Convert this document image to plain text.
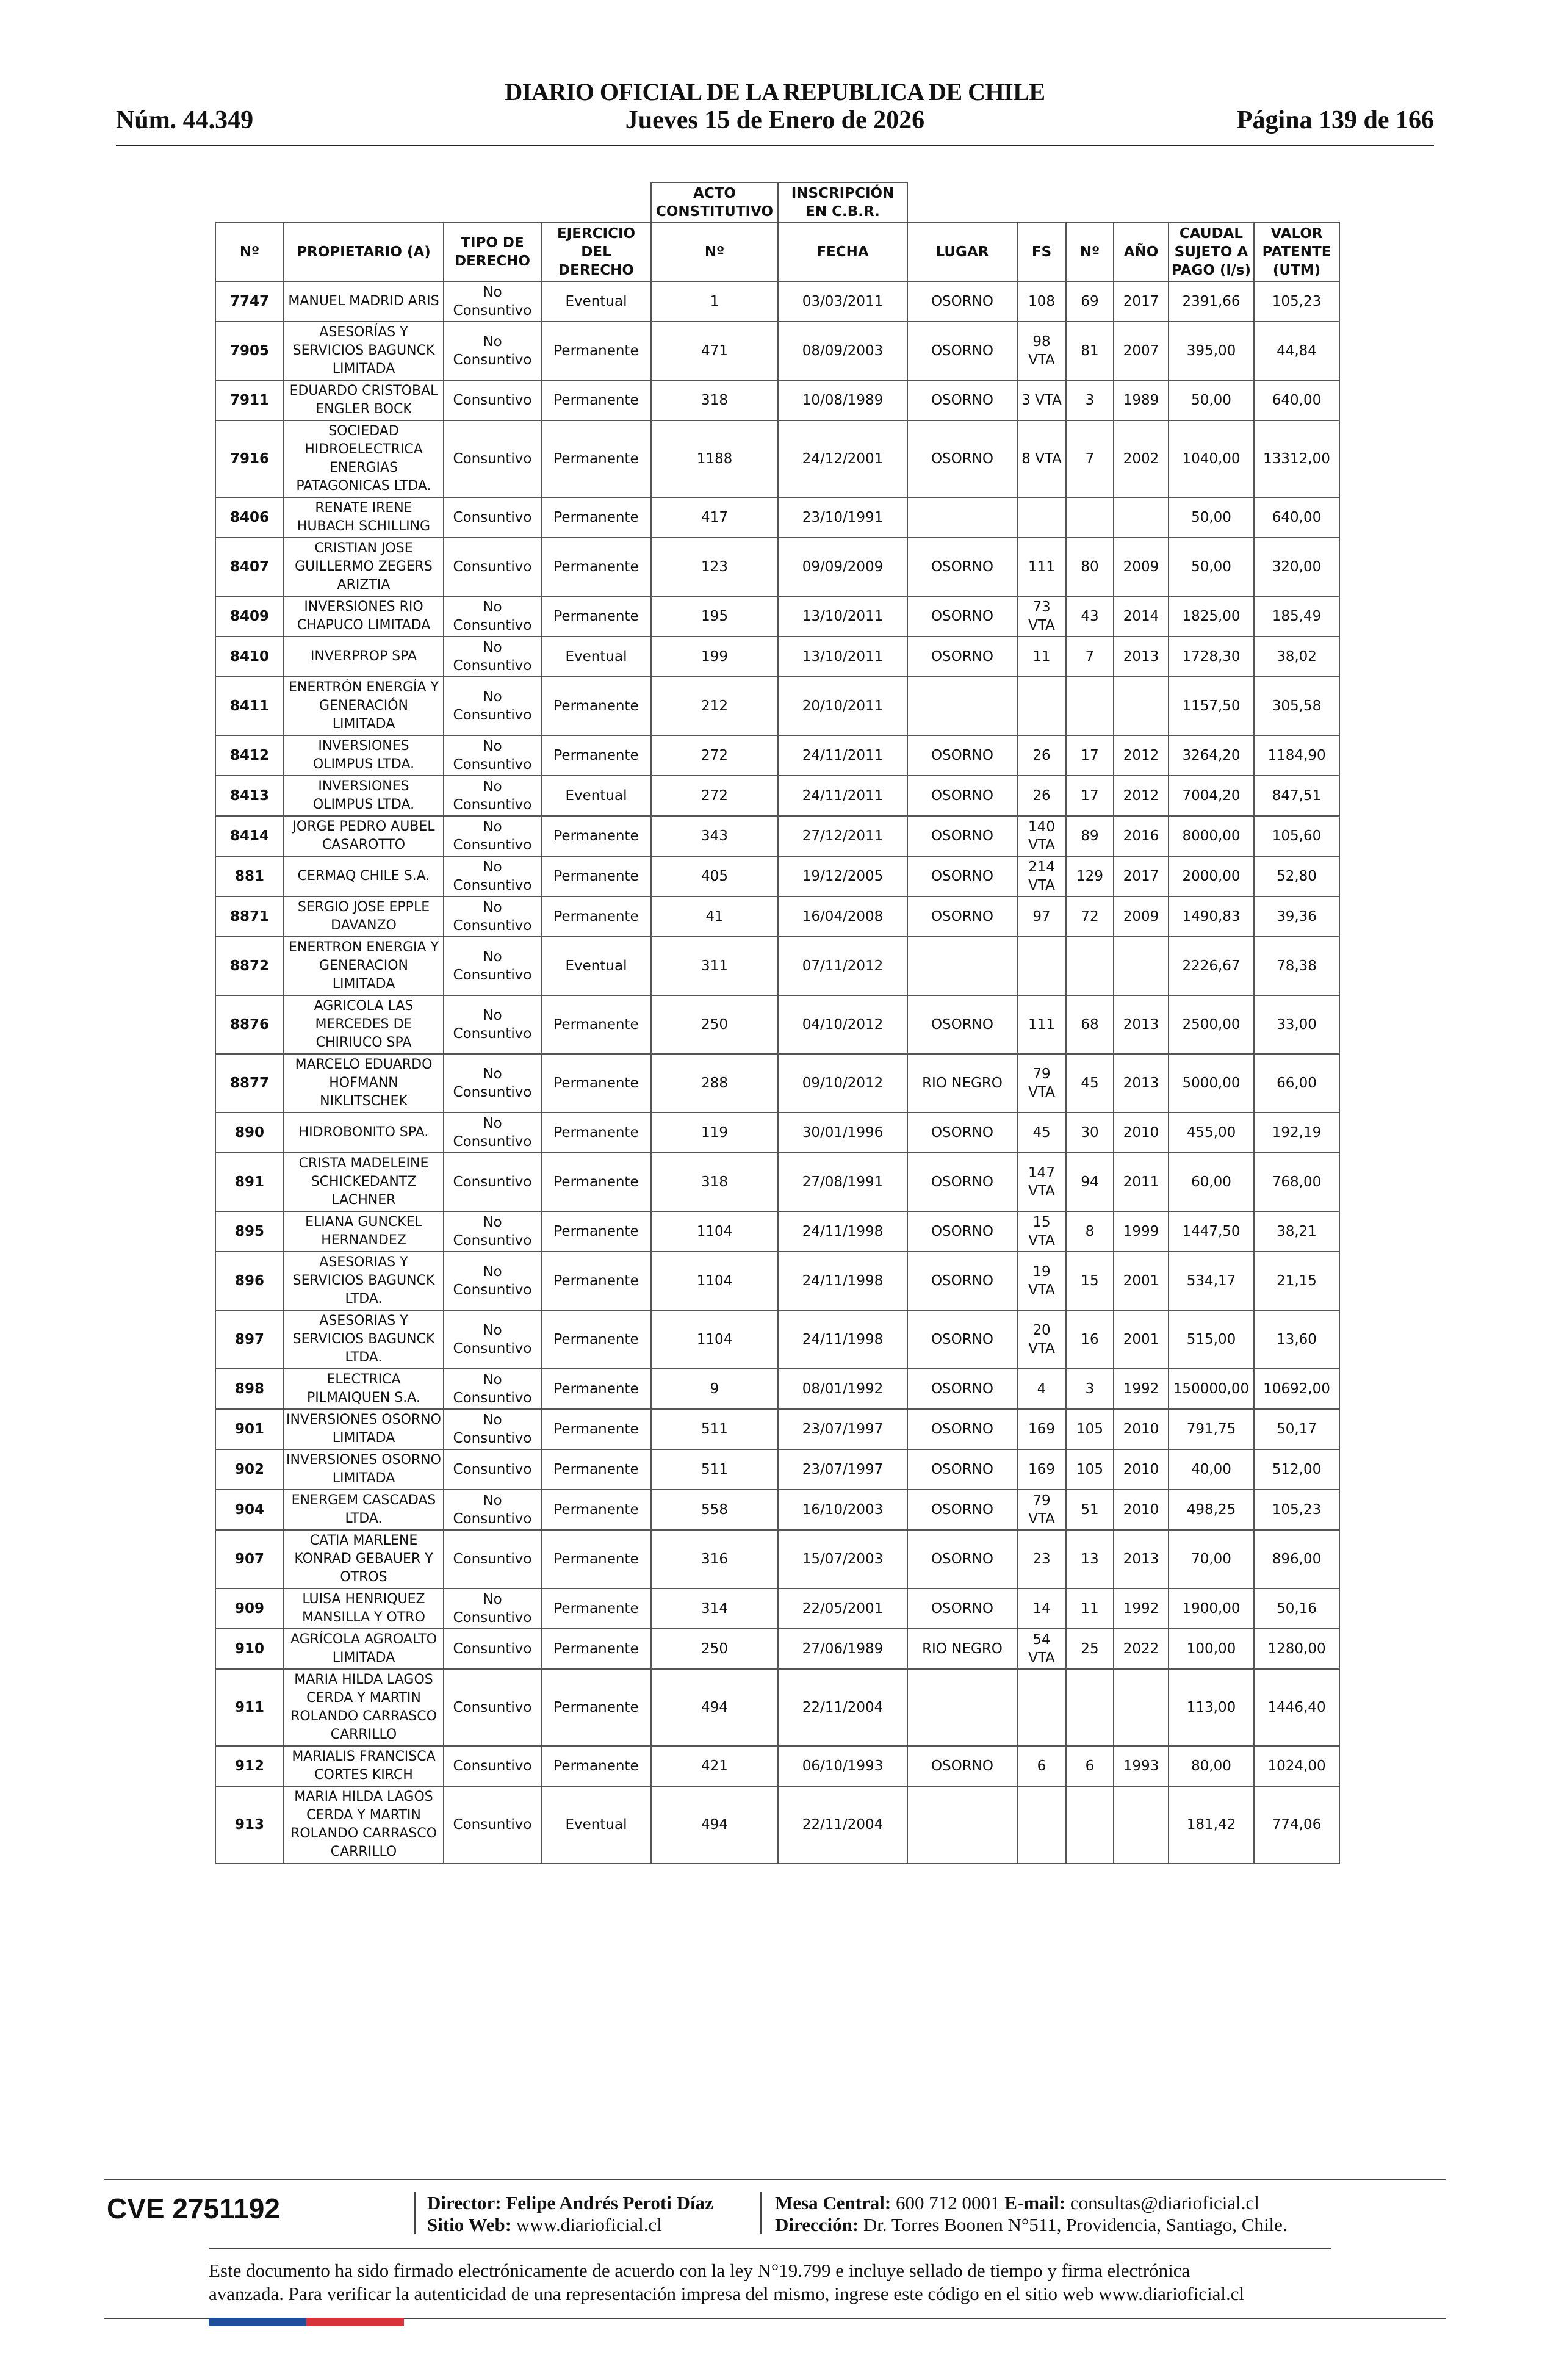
DIARIO OFICIAL DE LA REPUBLICA DE CHILE
Núm. 44.349	Jueves 15 de Enero de 2026	Página 139 de 166
				ACTO CONSTITUTIVO	INSCRIPCIÓN EN C.B.R.						
Nº	PROPIETARIO (A)	TIPO DE DERECHO	EJERCICIO DEL DERECHO	Nº	FECHA	LUGAR	FS	Nº	AÑO	CAUDAL SUJETO A PAGO (l/s)	VALOR PATENTE (UTM)
7747	MANUEL MADRID ARIS	No Consuntivo	Eventual	1	03/03/2011	OSORNO	108	69	2017	2391,66	105,23
7905	ASESORÍAS Y SERVICIOS BAGUNCK LIMITADA	No Consuntivo	Permanente	471	08/09/2003	OSORNO	98 VTA	81	2007	395,00	44,84
7911	EDUARDO CRISTOBAL ENGLER BOCK	Consuntivo	Permanente	318	10/08/1989	OSORNO	3 VTA	3	1989	50,00	640,00
7916	SOCIEDAD HIDROELECTRICA ENERGIAS PATAGONICAS LTDA.	Consuntivo	Permanente	1188	24/12/2001	OSORNO	8 VTA	7	2002	1040,00	13312,00
8406	RENATE IRENE HUBACH SCHILLING	Consuntivo	Permanente	417	23/10/1991					50,00	640,00
8407	CRISTIAN JOSE GUILLERMO ZEGERS ARIZTIA	Consuntivo	Permanente	123	09/09/2009	OSORNO	111	80	2009	50,00	320,00
8409	INVERSIONES RIO CHAPUCO LIMITADA	No Consuntivo	Permanente	195	13/10/2011	OSORNO	73 VTA	43	2014	1825,00	185,49
8410	INVERPROP SPA	No Consuntivo	Eventual	199	13/10/2011	OSORNO	11	7	2013	1728,30	38,02
8411	ENERTRÓN ENERGÍA Y GENERACIÓN LIMITADA	No Consuntivo	Permanente	212	20/10/2011					1157,50	305,58
8412	INVERSIONES OLIMPUS LTDA.	No Consuntivo	Permanente	272	24/11/2011	OSORNO	26	17	2012	3264,20	1184,90
8413	INVERSIONES OLIMPUS LTDA.	No Consuntivo	Eventual	272	24/11/2011	OSORNO	26	17	2012	7004,20	847,51
8414	JORGE PEDRO AUBEL CASAROTTO	No Consuntivo	Permanente	343	27/12/2011	OSORNO	140 VTA	89	2016	8000,00	105,60
881	CERMAQ CHILE S.A.	No Consuntivo	Permanente	405	19/12/2005	OSORNO	214 VTA	129	2017	2000,00	52,80
8871	SERGIO JOSE EPPLE DAVANZO	No Consuntivo	Permanente	41	16/04/2008	OSORNO	97	72	2009	1490,83	39,36
8872	ENERTRON ENERGIA Y GENERACION LIMITADA	No Consuntivo	Eventual	311	07/11/2012					2226,67	78,38
8876	AGRICOLA LAS MERCEDES DE CHIRIUCO SPA	No Consuntivo	Permanente	250	04/10/2012	OSORNO	111	68	2013	2500,00	33,00
8877	MARCELO EDUARDO HOFMANN NIKLITSCHEK	No Consuntivo	Permanente	288	09/10/2012	RIO NEGRO	79 VTA	45	2013	5000,00	66,00
890	HIDROBONITO SPA.	No Consuntivo	Permanente	119	30/01/1996	OSORNO	45	30	2010	455,00	192,19
891	CRISTA MADELEINE SCHICKEDANTZ LACHNER	Consuntivo	Permanente	318	27/08/1991	OSORNO	147 VTA	94	2011	60,00	768,00
895	ELIANA GUNCKEL HERNANDEZ	No Consuntivo	Permanente	1104	24/11/1998	OSORNO	15 VTA	8	1999	1447,50	38,21
896	ASESORIAS Y SERVICIOS BAGUNCK LTDA.	No Consuntivo	Permanente	1104	24/11/1998	OSORNO	19 VTA	15	2001	534,17	21,15
897	ASESORIAS Y SERVICIOS BAGUNCK LTDA.	No Consuntivo	Permanente	1104	24/11/1998	OSORNO	20 VTA	16	2001	515,00	13,60
898	ELECTRICA PILMAIQUEN S.A.	No Consuntivo	Permanente	9	08/01/1992	OSORNO	4	3	1992	150000,00	10692,00
901	INVERSIONES OSORNO LIMITADA	No Consuntivo	Permanente	511	23/07/1997	OSORNO	169	105	2010	791,75	50,17
902	INVERSIONES OSORNO LIMITADA	Consuntivo	Permanente	511	23/07/1997	OSORNO	169	105	2010	40,00	512,00
904	ENERGEM CASCADAS LTDA.	No Consuntivo	Permanente	558	16/10/2003	OSORNO	79 VTA	51	2010	498,25	105,23
907	CATIA MARLENE KONRAD GEBAUER Y OTROS	Consuntivo	Permanente	316	15/07/2003	OSORNO	23	13	2013	70,00	896,00
909	LUISA HENRIQUEZ MANSILLA Y OTRO	No Consuntivo	Permanente	314	22/05/2001	OSORNO	14	11	1992	1900,00	50,16
910	AGRÍCOLA AGROALTO LIMITADA	Consuntivo	Permanente	250	27/06/1989	RIO NEGRO	54 VTA	25	2022	100,00	1280,00
911	MARIA HILDA LAGOS CERDA Y MARTIN ROLANDO CARRASCO CARRILLO	Consuntivo	Permanente	494	22/11/2004					113,00	1446,40
912	MARIALIS FRANCISCA CORTES KIRCH	Consuntivo	Permanente	421	06/10/1993	OSORNO	6	6	1993	80,00	1024,00
913	MARIA HILDA LAGOS CERDA Y MARTIN ROLANDO CARRASCO CARRILLO	Consuntivo	Eventual	494	22/11/2004					181,42	774,06
CVE 2751192	Director: Felipe Andrés Peroti Díaz
Sitio Web: www.diarioficial.cl
Mesa Central: 600 712 0001 E-mail: consultas@diarioficial.cl
Dirección: Dr. Torres Boonen N°511, Providencia, Santiago, Chile.
Este documento ha sido firmado electrónicamente de acuerdo con la ley N°19.799 e incluye sellado de tiempo y firma electrónica
avanzada. Para verificar la autenticidad de una representación impresa del mismo, ingrese este código en el sitio web www.diarioficial.cl
